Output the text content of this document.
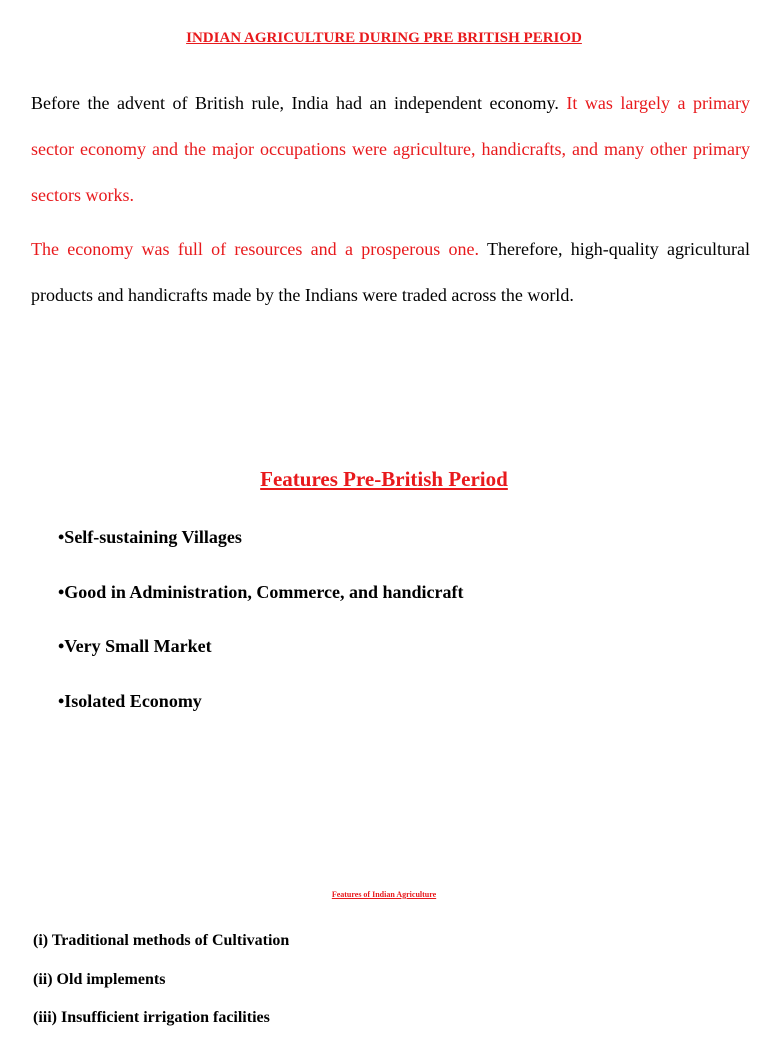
INDIAN AGRICULTURE DURING PRE BRITISH PERIOD

Before the advent of British rule, India had an independent economy. It was largely a primary sector economy and the major occupations were agriculture, handicrafts, and many other primary sectors works.

The economy was full of resources and a prosperous one. Therefore, high-quality agricultural products and handicrafts made by the Indians were traded across the world.

Features Pre-British Period
•Self-sustaining Villages
•Good in Administration, Commerce, and handicraft
•Very Small Market
•Isolated Economy
Features of Indian Agriculture
(i) Traditional methods of Cultivation
(ii) Old implements
(iii) Insufficient irrigation facilities
